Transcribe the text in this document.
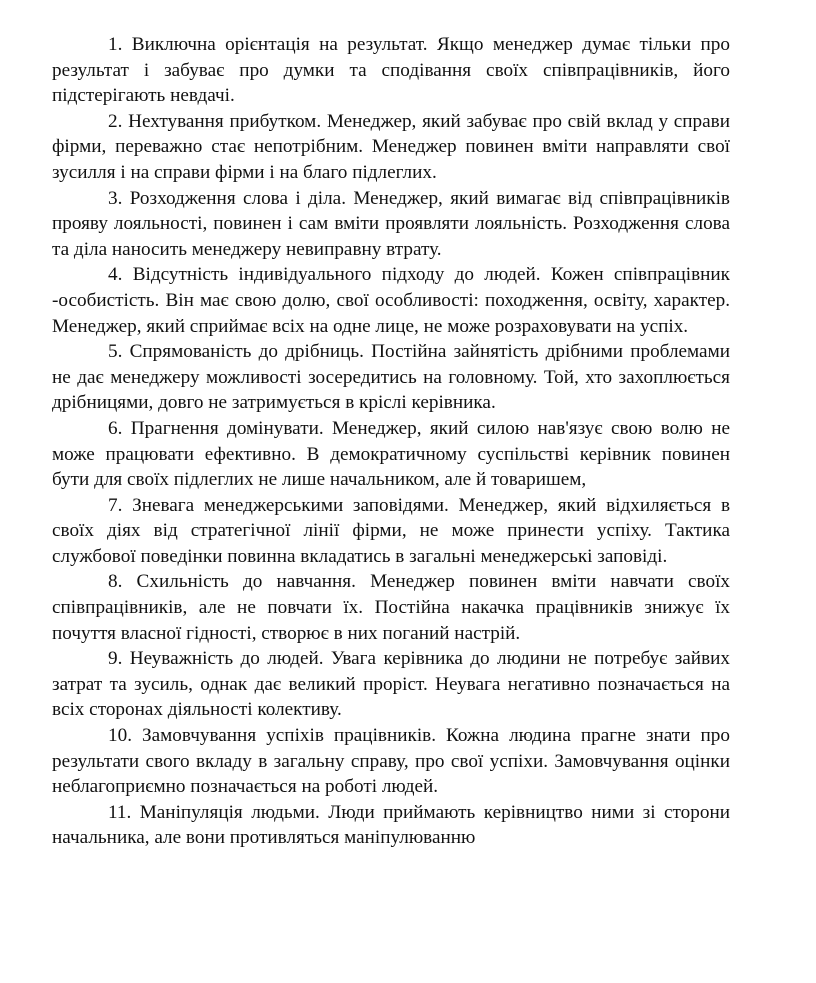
1. Виключна орієнтація на результат. Якщо менеджер думає тільки про результат і забуває про думки та сподівання своїх співпрацівників, його підстерігають невдачі.

2. Нехтування прибутком. Менеджер, який забуває про свій вклад у справи фірми, переважно стає непотрібним. Менеджер повинен вміти направляти свої зусилля і на справи фірми і на благо підлеглих.

3. Розходження слова і діла. Менеджер, який вимагає від співпрацівників прояву лояльності, повинен і сам вміти проявляти лояльність. Розходження слова та діла наносить менеджеру невиправну втрату.

4. Відсутність індивідуального підходу до людей. Кожен співпрацівник -особистість. Він має свою долю, свої особливості: походження, освіту, характер. Менеджер, який сприймає всіх на одне лице, не може розраховувати на успіх.

5. Спрямованість до дрібниць. Постійна зайнятість дрібними проблемами не дає менеджеру можливості зосередитись на головному. Той, хто захоплюється дрібницями, довго не затримується в кріслі керівника.

6. Прагнення домінувати. Менеджер, який силою нав'язує свою волю не може працювати ефективно. В демократичному суспільстві керівник повинен бути для своїх підлеглих не лише начальником, але й товаришем,

7. Зневага менеджерськими заповідями. Менеджер, який відхиляється в своїх діях від стратегічної лінії фірми, не може принести успіху. Тактика службової поведінки повинна вкладатись в загальні менеджерські заповіді.

8. Схильність до навчання. Менеджер повинен вміти навчати своїх співпрацівників, але не повчати їх. Постійна накачка працівників знижує їх почуття власної гідності, створює в них поганий настрій.

9. Неуважність до людей. Увага керівника до людини не потребує зайвих затрат та зусиль, однак дає великий проріст. Неувага негативно позначається на всіх сторонах діяльності колективу.

10. Замовчування успіхів працівників. Кожна людина прагне знати про результати свого вкладу в загальну справу, про свої успіхи. Замовчування оцінки неблагоприємно позначається на роботі людей.

11. Маніпуляція людьми. Люди приймають керівництво ними зі сторони начальника, але вони противляться маніпулюванню
